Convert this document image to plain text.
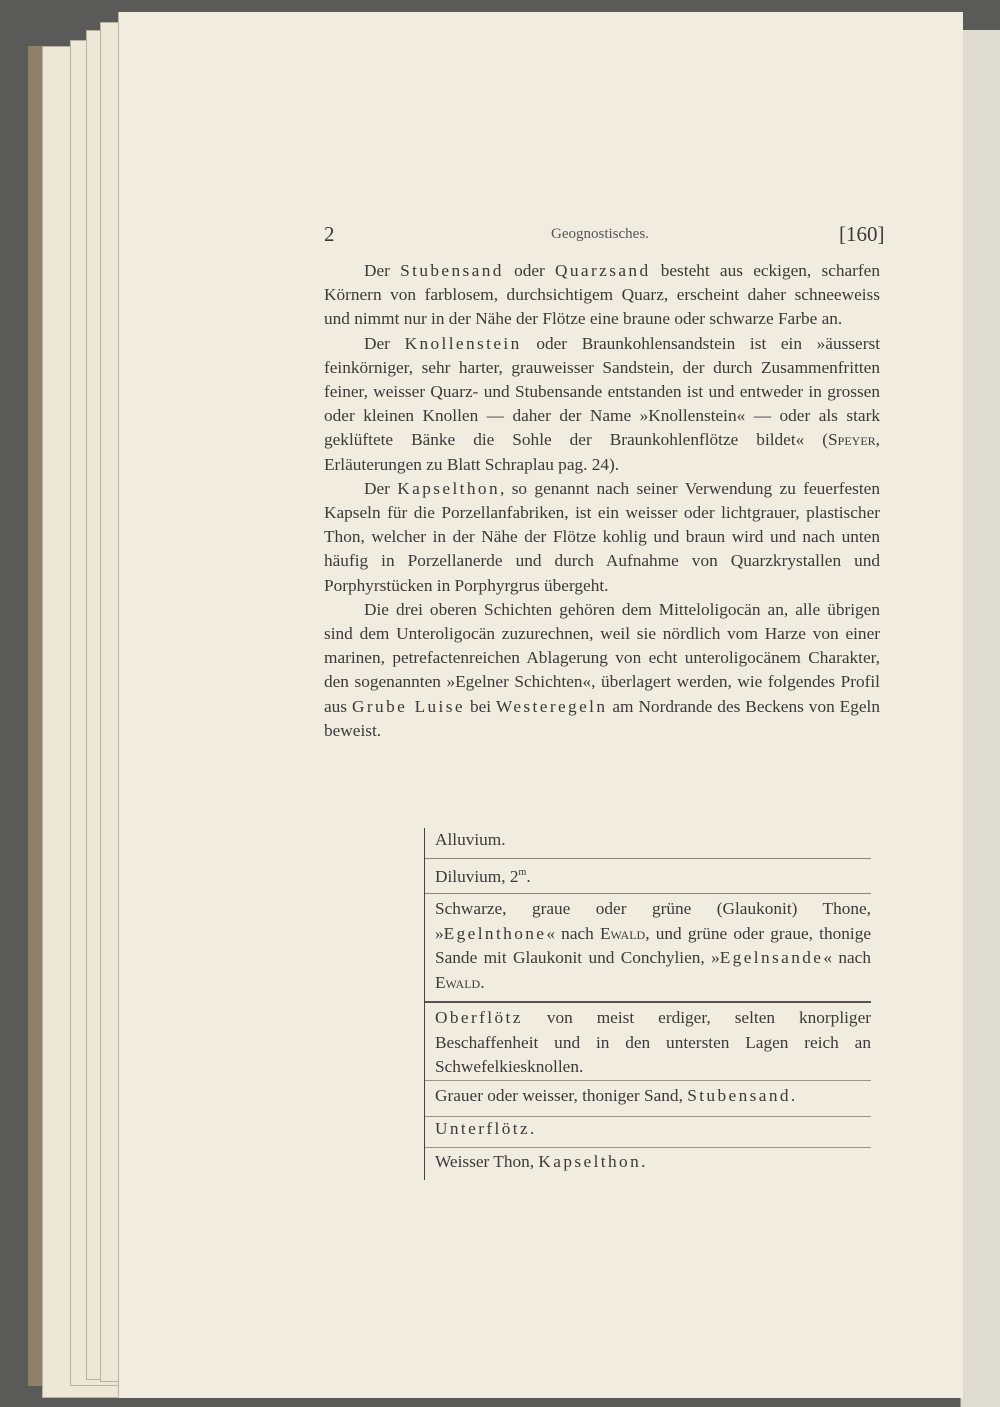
2	Geognostisches.	[160]

Der Stubensand oder Quarzsand besteht aus eckigen, scharfen Körnern von farblosem, durchsichtigem Quarz, erscheint daher schneeweiss und nimmt nur in der Nähe der Flötze eine braune oder schwarze Farbe an.

Der Knollenstein oder Braunkohlensandstein ist ein »äusserst feinkörniger, sehr harter, grauweisser Sandstein, der durch Zusammenfritten feiner, weisser Quarz- und Stubensande entstanden ist und entweder in grossen oder kleinen Knollen — daher der Name »Knollenstein« — oder als stark geklüftete Bänke die Sohle der Braunkohlenflötze bildet« (Speyer, Erläuterungen zu Blatt Schraplau pag. 24).

Der Kapselthon, so genannt nach seiner Verwendung zu feuerfesten Kapseln für die Porzellanfabriken, ist ein weisser oder lichtgrauer, plastischer Thon, welcher in der Nähe der Flötze kohlig und braun wird und nach unten häufig in Porzellanerde und durch Aufnahme von Quarzkrystallen und Porphyrstücken in Porphyrgrus übergeht.

Die drei oberen Schichten gehören dem Mitteloligocän an, alle übrigen sind dem Unteroligocän zuzurechnen, weil sie nördlich vom Harze von einer marinen, petrefactenreichen Ablagerung von echt unteroligocänem Charakter, den sogenannten »Egelner Schichten«, überlagert werden, wie folgendes Profil aus Grube Luise bei Westeregeln am Nordrande des Beckens von Egeln beweist.

Alluvium.
Diluvium, 2$^m$.
Schwarze, graue oder grüne (Glaukonit) Thone, »Egelnthone« nach Ewald, und grüne oder graue, thonige Sande mit Glaukonit und Conchylien, »Egelnsande« nach Ewald.
Oberflötz von meist erdiger, selten knorpliger Beschaffenheit und in den untersten Lagen reich an Schwefelkiesknollen.
Grauer oder weisser, thoniger Sand, Stubensand.
Unterflötz.
Weisser Thon, Kapselthon.
